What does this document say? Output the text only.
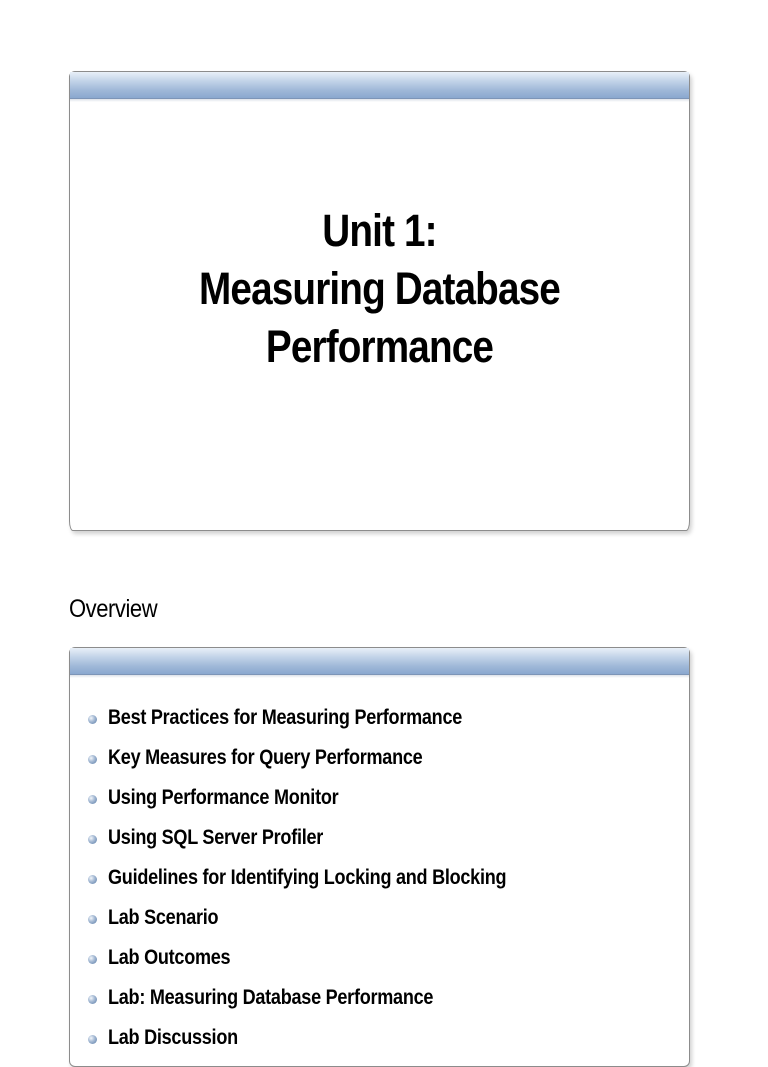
Unit 1:
Measuring Database
Performance
Overview
Best Practices for Measuring Performance
Key Measures for Query Performance
Using Performance Monitor
Using SQL Server Profiler
Guidelines for Identifying Locking and Blocking
Lab Scenario
Lab Outcomes
Lab: Measuring Database Performance
Lab Discussion
